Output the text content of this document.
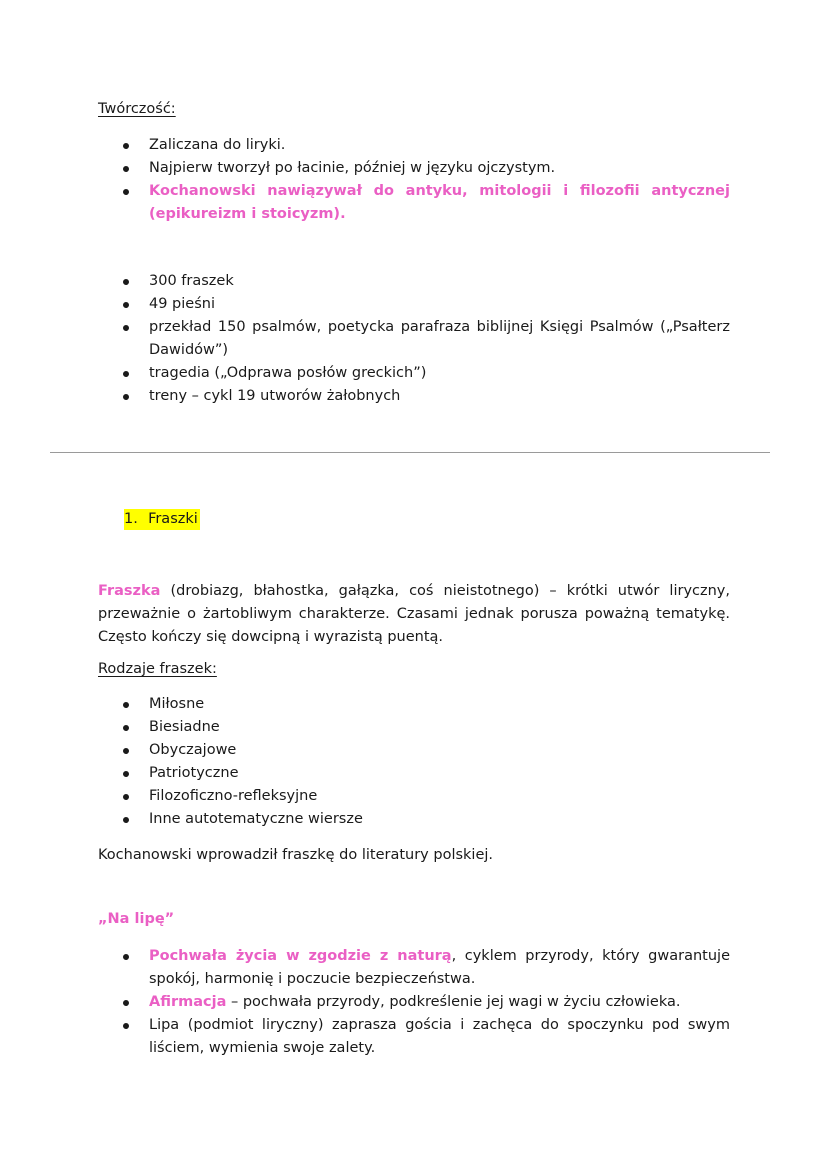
Twórczość:
Zaliczana do liryki.
Najpierw tworzył po łacinie, później w języku ojczystym.
Kochanowski nawiązywał do antyku, mitologii i filozofii antycznej (epikureizm i stoicyzm).
300 fraszek
49 pieśni
przekład 150 psalmów, poetycka parafraza biblijnej Księgi Psalmów („Psałterz Dawidów”)
tragedia („Odprawa posłów greckich”)
treny – cykl 19 utworów żałobnych
1. Fraszki

Fraszka (drobiazg, błahostka, gałązka, coś nieistotnego) – krótki utwór liryczny, przeważnie o żartobliwym charakterze. Czasami jednak porusza poważną tematykę. Często kończy się dowcipną i wyrazistą puentą.

Rodzaje fraszek:
Miłosne
Biesiadne
Obyczajowe
Patriotyczne
Filozoficzno-refleksyjne
Inne autotematyczne wiersze

Kochanowski wprowadził fraszkę do literatury polskiej.

„Na lipę”
Pochwała życia w zgodzie z naturą, cyklem przyrody, który gwarantuje spokój, harmonię i poczucie bezpieczeństwa.
Afirmacja – pochwała przyrody, podkreślenie jej wagi w życiu człowieka.
Lipa (podmiot liryczny) zaprasza gościa i zachęca do spoczynku pod swym liściem, wymienia swoje zalety.
